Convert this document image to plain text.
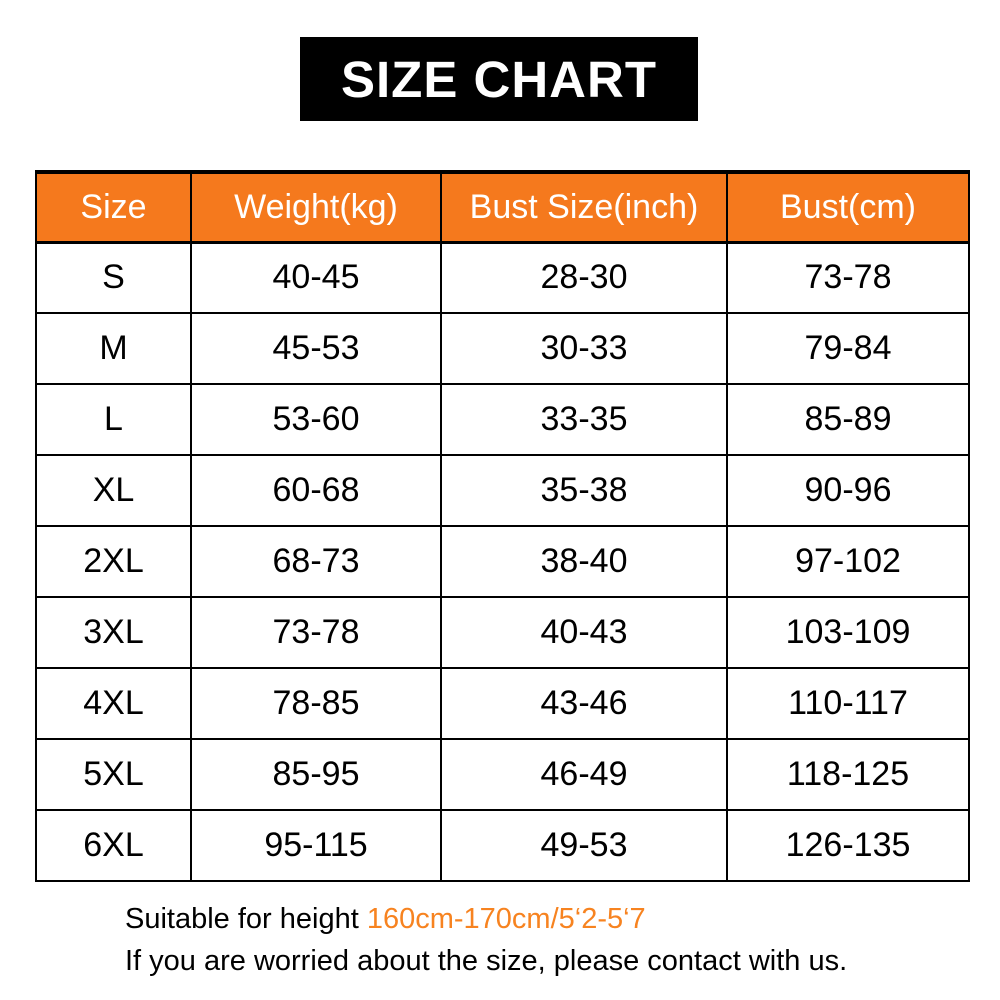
SIZE CHART
Size	Weight(kg)	Bust Size(inch)	Bust(cm)
S	40-45	28-30	73-78
M	45-53	30-33	79-84
L	53-60	33-35	85-89
XL	60-68	35-38	90-96
2XL	68-73	38-40	97-102
3XL	73-78	40-43	103-109
4XL	78-85	43-46	110-117
5XL	85-95	46-49	118-125
6XL	95-115	49-53	126-135
Suitable for height 160cm-170cm/5‘2-5‘7
If you are worried about the size, please contact with us.
